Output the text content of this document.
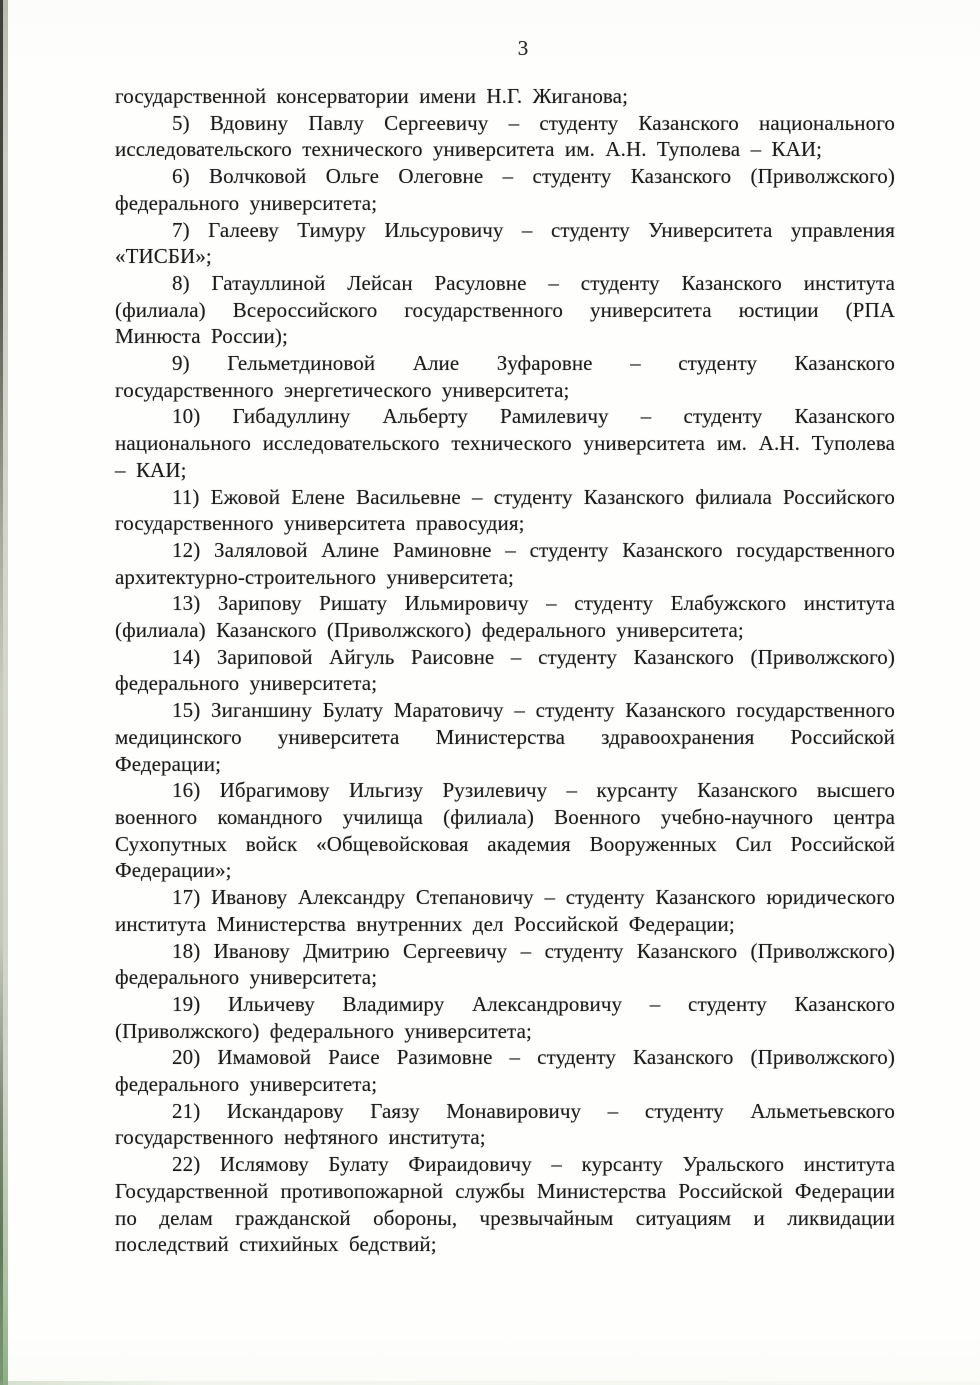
3

государственной консерватории имени Н.Г. Жиганова;

5) Вдовину Павлу Сергеевичу – студенту Казанского национального исследовательского технического университета им. А.Н. Туполева – КАИ;

6) Волчковой Ольге Олеговне – студенту Казанского (Приволжского) федерального университета;

7) Галееву Тимуру Ильсуровичу – студенту Университета управления «ТИСБИ»;

8) Гатауллиной Лейсан Расуловне – студенту Казанского института (филиала) Всероссийского государственного университета юстиции (РПА Минюста России);

9) Гельметдиновой Алие Зуфаровне – студенту Казанского государственного энергетического университета;

10) Гибадуллину Альберту Рамилевичу – студенту Казанского национального исследовательского технического университета им. А.Н. Туполева – КАИ;

11) Ежовой Елене Васильевне – студенту Казанского филиала Российского государственного университета правосудия;

12) Заляловой Алине Раминовне – студенту Казанского государственного архитектурно-строительного университета;

13) Зарипову Ришату Ильмировичу – студенту Елабужского института (филиала) Казанского (Приволжского) федерального университета;

14) Зариповой Айгуль Раисовне – студенту Казанского (Приволжского) федерального университета;

15) Зиганшину Булату Маратовичу – студенту Казанского государственного медицинского университета Министерства здравоохранения Российской Федерации;

16) Ибрагимову Ильгизу Рузилевичу – курсанту Казанского высшего военного командного училища (филиала) Военного учебно-научного центра Сухопутных войск «Общевойсковая академия Вооруженных Сил Российской Федерации»;

17) Иванову Александру Степановичу – студенту Казанского юридического института Министерства внутренних дел Российской Федерации;

18) Иванову Дмитрию Сергеевичу – студенту Казанского (Приволжского) федерального университета;

19) Ильичеву Владимиру Александровичу – студенту Казанского (Приволжского) федерального университета;

20) Имамовой Раисе Разимовне – студенту Казанского (Приволжского) федерального университета;

21) Искандарову Гаязу Монавировичу – студенту Альметьевского государственного нефтяного института;

22) Ислямову Булату Фираидовичу – курсанту Уральского института Государственной противопожарной службы Министерства Российской Федерации по делам гражданской обороны, чрезвычайным ситуациям и ликвидации последствий стихийных бедствий;
